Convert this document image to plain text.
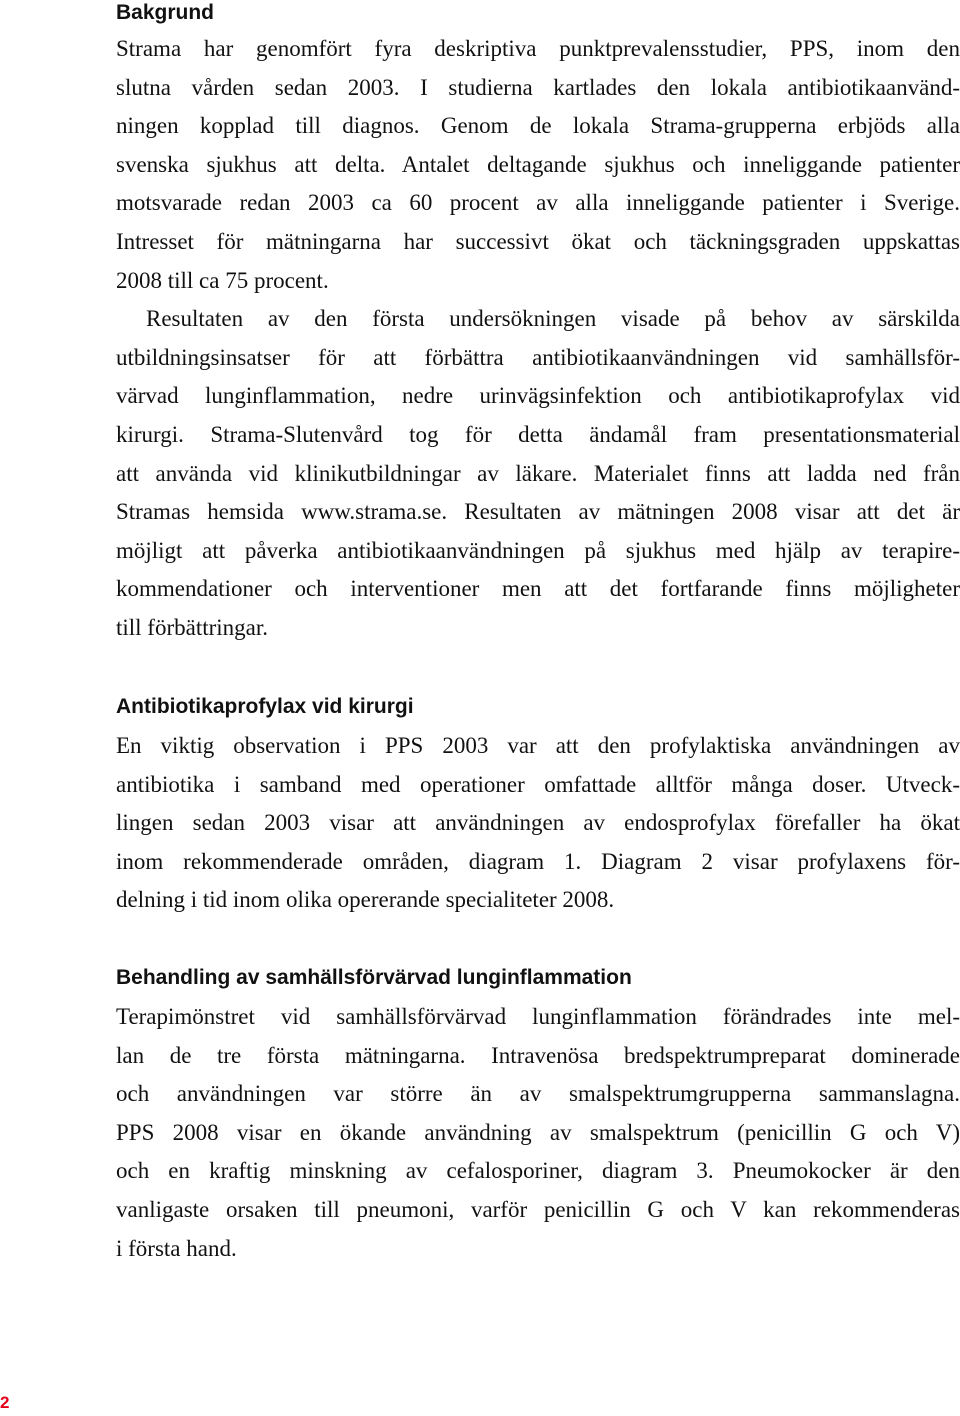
Bakgrund
Strama har genomfört fyra deskriptiva punktprevalensstudier, PPS, inom den
slutna vården sedan 2003. I studierna kartlades den lokala antibiotikaanvänd-
ningen kopplad till diagnos. Genom de lokala Strama-grupperna erbjöds alla
svenska sjukhus att delta. Antalet deltagande sjukhus och inneliggande patienter
motsvarade redan 2003 ca 60 procent av alla inneliggande patienter i Sverige.
Intresset för mätningarna har successivt ökat och täckningsgraden uppskattas
2008 till ca 75 procent.
Resultaten av den första undersökningen visade på behov av särskilda
utbildningsinsatser för att förbättra antibiotikaanvändningen vid samhällsför-
värvad lunginflammation, nedre urinvägsinfektion och antibiotikaprofylax vid
kirurgi. Strama-Slutenvård tog för detta ändamål fram presentationsmaterial
att använda vid klinikutbildningar av läkare. Materialet finns att ladda ned från
Stramas hemsida www.strama.se. Resultaten av mätningen 2008 visar att det är
möjligt att påverka antibiotikaanvändningen på sjukhus med hjälp av terapire-
kommendationer och interventioner men att det fortfarande finns möjligheter
till förbättringar.
Antibiotikaprofylax vid kirurgi
En viktig observation i PPS 2003 var att den profylaktiska användningen av
antibiotika i samband med operationer omfattade alltför många doser. Utveck-
lingen sedan 2003 visar att användningen av endosprofylax förefaller ha ökat
inom rekommenderade områden, diagram 1. Diagram 2 visar profylaxens för-
delning i tid inom olika opererande specialiteter 2008.
Behandling av samhällsförvärvad lunginflammation
Terapimönstret vid samhällsförvärvad lunginflammation förändrades inte mel-
lan de tre första mätningarna. Intravenösa bredspektrumpreparat dominerade
och användningen var större än av smalspektrumgrupperna sammanslagna.
PPS 2008 visar en ökande användning av smalspektrum (penicillin G och V)
och en kraftig minskning av cefalosporiner, diagram 3. Pneumokocker är den
vanligaste orsaken till pneumoni, varför penicillin G och V kan rekommenderas
i första hand.
2
